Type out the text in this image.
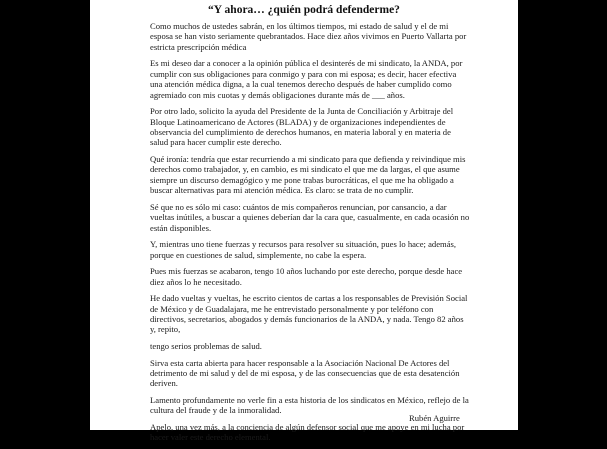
“Y ahora… ¿quién podrá defenderme?

Como muchos de ustedes sabrán, en los últimos tiempos, mi estado de salud y el de mi esposa se han visto seriamente quebrantados. Hace diez años vivimos en Puerto Vallarta por estricta prescripción médica

Es mi deseo dar a conocer a la opinión pública el desinterés de mi sindicato, la ANDA, por cumplir con sus obligaciones para conmigo y para con mi esposa; es decir, hacer efectiva una atención médica digna, a la cual tenemos derecho después de haber cumplido como agremiado con mis cuotas y demás obligaciones durante más de ___ años.

Por otro lado, solicito la ayuda del Presidente de la Junta de Conciliación y Arbitraje del Bloque Latinoamericano de Actores (BLADA) y de organizaciones independientes de observancia del cumplimiento de derechos humanos, en materia laboral y en materia de salud para hacer cumplir este derecho.

Qué ironía: tendría que estar recurriendo a mi sindicato para que defienda y reivindique mis derechos como trabajador, y, en cambio, es mi sindicato el que me da largas, el que asume siempre un discurso demagógico y me pone trabas burocráticas, el que me ha obligado a buscar alternativas para mi atención médica. Es claro: se trata de no cumplir.

Sé que no es sólo mi caso: cuántos de mis compañeros renuncian, por cansancio, a dar vueltas inútiles, a buscar a quienes deberían dar la cara que, casualmente, en cada ocasión no están disponibles.

Y, mientras uno tiene fuerzas y recursos para resolver su situación, pues lo hace; además, porque en cuestiones de salud, simplemente, no cabe la espera.

Pues mis fuerzas se acabaron, tengo 10 años luchando por este derecho, porque desde hace diez años lo he necesitado.

He dado vueltas y vueltas, he escrito cientos de cartas a los responsables de Previsión Social de México y de Guadalajara, me he entrevistado personalmente y por teléfono con directivos, secretarios, abogados y demás funcionarios de la ANDA, y nada. Tengo 82 años y, repito,

tengo serios problemas de salud.

Sirva esta carta abierta para hacer responsable a la Asociación Nacional De Actores del detrimento de mi salud y del de mi esposa, y de las consecuencias que de esta desatención deriven.

Lamento profundamente no verle fin a esta historia de los sindicatos en México, reflejo de la cultura del fraude y de la inmoralidad.

Apelo, una vez más, a la conciencia de algún defensor social que me apoye en mi lucha por hacer valer este derecho elemental.

Rubén Aguirre
